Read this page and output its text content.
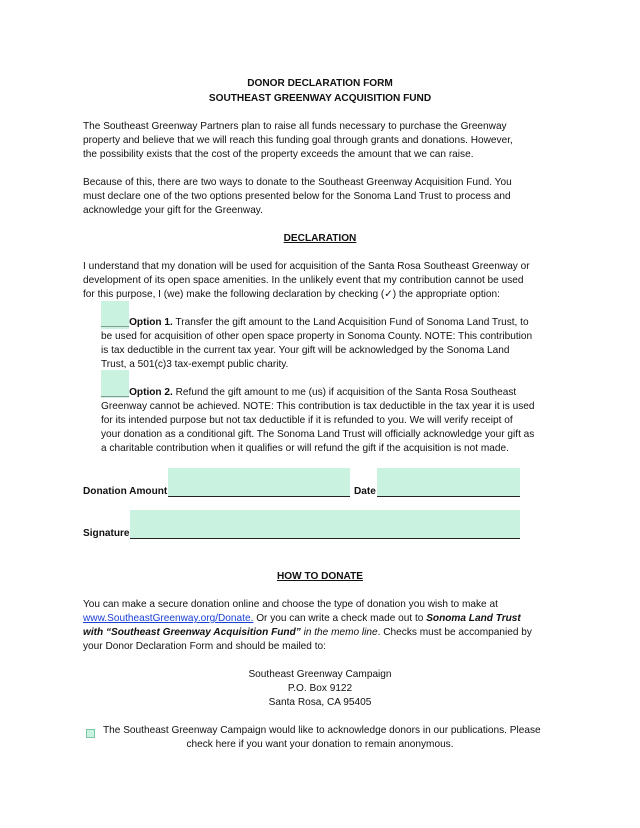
DONOR DECLARATION FORM
SOUTHEAST GREENWAY ACQUISITION FUND
The Southeast Greenway Partners plan to raise all funds necessary to purchase the Greenway
property and believe that we will reach this funding goal through grants and donations. However,
the possibility exists that the cost of the property exceeds the amount that we can raise.
Because of this, there are two ways to donate to the Southeast Greenway Acquisition Fund. You
must declare one of the two options presented below for the Sonoma Land Trust to process and
acknowledge your gift for the Greenway.
DECLARATION
I understand that my donation will be used for acquisition of the Santa Rosa Southeast Greenway or
development of its open space amenities. In the unlikely event that my contribution cannot be used
for this purpose, I (we) make the following declaration by checking (✓) the appropriate option:
_____Option 1. Transfer the gift amount to the Land Acquisition Fund of Sonoma Land Trust, to
be used for acquisition of other open space property in Sonoma County. NOTE: This contribution
is tax deductible in the current tax year. Your gift will be acknowledged by the Sonoma Land
Trust, a 501(c)3 tax-exempt public charity.
_____Option 2. Refund the gift amount to me (us) if acquisition of the Santa Rosa Southeast
Greenway cannot be achieved. NOTE: This contribution is tax deductible in the tax year it is used
for its intended purpose but not tax deductible if it is refunded to you. We will verify receipt of
your donation as a conditional gift. The Sonoma Land Trust will officially acknowledge your gift as
a charitable contribution when it qualifies or will refund the gift if the acquisition is not made.
Donation Amount	Date
Signature
HOW TO DONATE
You can make a secure donation online and choose the type of donation you wish to make at
www.SoutheastGreenway.org/Donate. Or you can write a check made out to Sonoma Land Trust
with “Southeast Greenway Acquisition Fund” in the memo line. Checks must be accompanied by
your Donor Declaration Form and should be mailed to:
Southeast Greenway Campaign
P.O. Box 9122
Santa Rosa, CA 95405
The Southeast Greenway Campaign would like to acknowledge donors in our publications. Please
check here if you want your donation to remain anonymous.
